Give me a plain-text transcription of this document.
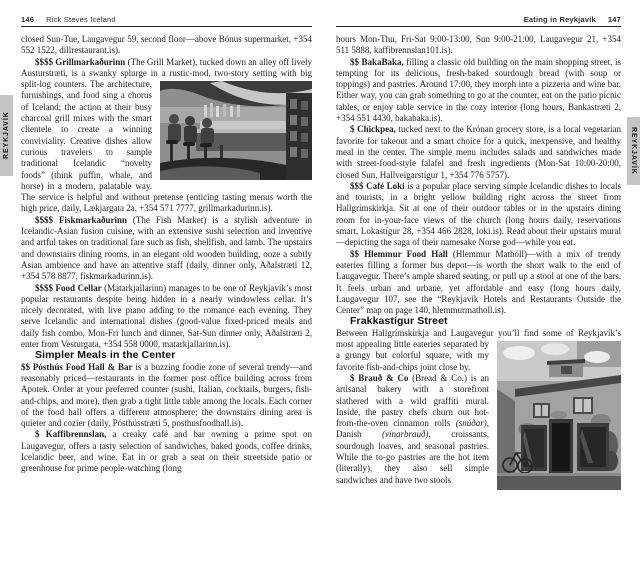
REYKJAVÍK
146 Rick Steves Iceland

closed Sun-Tue, Laugavegur 59, second floor—above Bónus supermarket, +354 552 1522, dillrestaurant.is).

$$$$ Grillmarkaðurinn (The Grill Market), tucked down an alley off lively Austurstræti, is a swanky splurge in a rustic-mod,
two-story setting with big split-log counters. The architecture, furnishings, and food sing a chorus of Iceland; the action at their busy charcoal grill mixes with the smart clientele to create a winning conviviality. Creative dishes allow curious travelers to sample traditional Icelandic “novelty foods” (think puffin, whale, and horse) in a modern, palatable way. The service is helpful and without pretense (enticing tasting menus worth the high price, daily, Lækjargata 2a, +354 571 7777, grillmarkadurinn.is).

$$$$ Fiskmarkaðurinn (The Fish Market) is a stylish adventure in Icelandic-Asian fusion cuisine, with an extensive sushi selection and inventive and artful takes on traditional fare such as fish, shellfish, and lamb. The upstairs and downstairs dining rooms, in an elegant old wooden building, ooze a subtly Asian ambience and have an attentive staff (daily, dinner only, Aðalstræti 12, +354 578 8877, fiskmarkadurinn.is).

$$$$ Food Cellar (Matarkjallarinn) manages to be one of Reykjavík’s most popular restaurants despite being hidden in a nearly windowless cellar. It’s nicely decorated, with live piano adding to the romance each evening. They serve Icelandic and international dishes (good-value fixed-priced meals and daily fish combo, Mon-Fri lunch and dinner, Sat-Sun dinner only, Aðalstræti 2, enter from Vesturgata, +354 558 0000, matarkjallarinn.is).

Simpler Meals in the Center

$$ Pósthús Food Hall & Bar is a buzzing foodie zone of several trendy—and reasonably priced—restaurants in the former post office building across from Apotek. Order at your preferred counter (sushi, Italian, cocktails, burgers, fish-and-chips, and more), then grab a tight little table among the locals. Each corner of the food hall offers a different atmosphere; the downstairs dining area is quieter and cozier (daily, Pósthússtræti 5, posthusfoodhall.is).

$ Kaffibrennslan, a creaky café and bar owning a prime spot on Laugavegur, offers a tasty selection of sandwiches, baked goods, coffee drinks, Icelandic beer, and wine. Eat in or grab a seat on their streetside patio or greenhouse for prime people-watching (long

Eating in Reykjavík 147

hours Mon-Thu, Fri-Sat 9:00-13:00, Sun 9:00-21:00, Laugavegur 21, +354 511 5888, kaffibrennslan101.is).

$$ BakaBaka, filling a classic old building on the main shopping street, is tempting for its delicious, fresh-baked sourdough bread (with soup or toppings) and pastries. Around 17:00, they morph into a pizzeria and wine bar. Either way, you can grab something to go at the counter, eat on the patio picnic tables, or enjoy table service in the cozy interior (long hours, Bankastræti 2, +354 551 4430, bakabaka.is).

$ Chickpea, tucked next to the Krónan grocery store, is a local vegetarian favorite for takeout and a smart choice for a quick, inexpensive, and healthy meal in the center. The simple menu includes salads and sandwiches made with street-food-style falafel and fresh ingredients (Mon-Sat 10:00-20:00, closed Sun, Hallveigarstígur 1, +354 776 5757).

$$$ Café Loki is a popular place serving simple Icelandic dishes to locals and tourists, in a bright yellow building right across the street from Hallgrímskirkja. Sit at one of their outdoor tables or in the upstairs dining room for in-your-face views of the church (long hours daily, reservations smart, Lokastígur 28, +354 466 2828, loki.is). Read about their upstairs mural—depicting the saga of their namesake Norse god—while you eat.

$$ Hlemmur Food Hall (Hlemmur Mathöll)—with a mix of trendy eateries filling a former bus depot—is worth the short walk to the end of Laugavegur. There’s ample shared seating, or pull up a stool at one of the bars. It feels urban and urbane, yet affordable and easy (long hours daily, Laugavegur 107, see the “Reykjavík Hotels and Restaurants Outside the Center” map on page 140, hlemmurmatholl.is).

Frakkastígur Street

Between Hallgrímskirkja and Laugavegur you’ll find some of
Reykjavík’s most appealing little eateries separated by a grungy but colorful square, with my favorite fish-and-chips joint close by.

$ Brauð & Co (Bread & Co.) is an artisanal bakery with a storefront slathered with a wild graffiti mural. Inside, the pastry chefs churn out hot-from-the-oven cinnamon rolls (snúðar), Danish (vínarbrauð), croissants, sourdough loaves, and seasonal pastries. While the to-go pastries are the hot item (literally), they also sell simple sandwiches and have two stools

REYKJAVÍK
